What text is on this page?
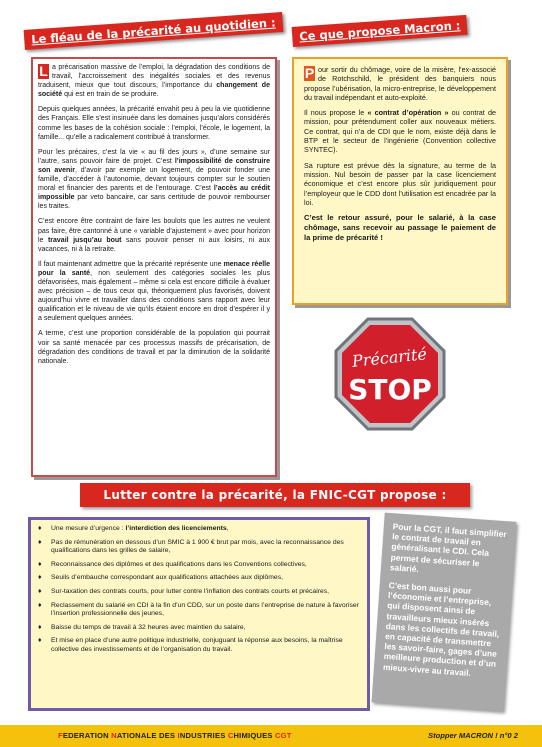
Le fléau de la précarité au quotidien :	Ce que propose Macron :

L a précarisation massive de l’emploi, la dégradation des conditions de travail, l’accroissement des inégalités sociales et des revenus traduisent, mieux que tout discours, l’importance du changement de société qui est en train de se produire.

Depuis quelques années, la précarité envahit peu à peu la vie quotidienne des Français. Elle s’est insinuée dans les domaines jusqu’alors considérés comme les bases de la cohésion sociale : l’emploi, l’école, le logement, la famille... qu’elle a radicalement contribué à transformer.

Pour les précaires, c’est la vie « au fil des jours », d’une semaine sur l’autre, sans pouvoir faire de projet. C’est l’impossibilité de construire son avenir, d’avoir par exemple un logement, de pouvoir fonder une famille, d’accéder à l’autonomie, devant toujours compter sur le soutien moral et financier des parents et de l’entourage. C’est l’accès au crédit impossible par veto bancaire, car sans certitude de pouvoir rembourser les traites.

C’est encore être contraint de faire les boulots que les autres ne veulent pas faire, être cantonné à une « variable d’ajustement » avec pour horizon le travail jusqu’au bout sans pouvoir penser ni aux loisirs, ni aux vacances, ni à la retraite.

Il faut maintenant admettre que la précarité représente une menace réelle pour la santé, non seulement des catégories sociales les plus défavorisées, mais également – même si cela est encore difficile à évaluer avec précision – de tous ceux qui, théoriquement plus favorisés, doivent aujourd’hui vivre et travailler dans des conditions sans rapport avec leur qualification et le niveau de vie qu’ils étaient encore en droit d’espérer il y a seulement quelques années.

A terme, c’est une proportion considérable de la population qui pourrait voir sa santé menacée par ces processus massifs de précarisation, de dégradation des conditions de travail et par la diminution de la solidarité nationale.

P our sortir du chômage, voire de la misère, l’ex-associé de Rotchschild, le président des banquiers nous propose l’ubérisation, la micro-entreprise, le développement du travail indépendant et auto-exploité.

Il nous propose le « contrat d’opération » ou contrat de mission, pour prétendument coller aux nouveaux métiers. Ce contrat, qui n’a de CDI que le nom, existe déjà dans le BTP et le secteur de l’ingénierie (Convention collective SYNTEC).

Sa rupture est prévue dès la signature, au terme de la mission. Nul besoin de passer par la case licenciement économique et c’est encore plus sûr juridiquement pour l’employeur que le CDD dont l’utilisation est encadrée par la loi.

C’est le retour assuré, pour le salarié, à la case chômage, sans recevoir au passage le paiement de la prime de précarité !

Précarité
STOP
Lutter contre la précarité, la FNIC-CGT propose :
♦ Une mesure d’urgence : l’interdiction des licenciements,
♦ Pas de rémunération en dessous d’un SMIC à 1 900 € brut par mois, avec la reconnaissance des qualifications dans les grilles de salaire,
♦ Reconnaissance des diplômes et des qualifications dans les Conventions collectives,
♦ Seuils d’embauche correspondant aux qualifications attachées aux diplômes,
♦ Sur-taxation des contrats courts, pour lutter contre l’inflation des contrats courts et précaires,
♦ Reclassement du salarié en CDI à la fin d’un CDD, sur un poste dans l’entreprise de nature à favoriser l’insertion professionnelle des jeunes,
♦ Baisse du temps de travail à 32 heures avec maintien du salaire,
♦ Et mise en place d’une autre politique industrielle, conjuguant la réponse aux besoins, la maîtrise collective des investissements et de l’organisation du travail.

Pour la CGT, il faut simplifier le contrat de travail en généralisant le CDI. Cela permet de sécuriser le salarié.

C’est bon aussi pour l’économie et l’entreprise, qui disposent ainsi de travailleurs mieux insérés dans les collectifs de travail, en capacité de transmettre les savoir-faire, gages d’une meilleure production et d’un mieux-vivre au travail.

FEDERATION NATIONALE DES INDUSTRIES CHIMIQUES CGT	Stopper MACRON ! n°0 2
